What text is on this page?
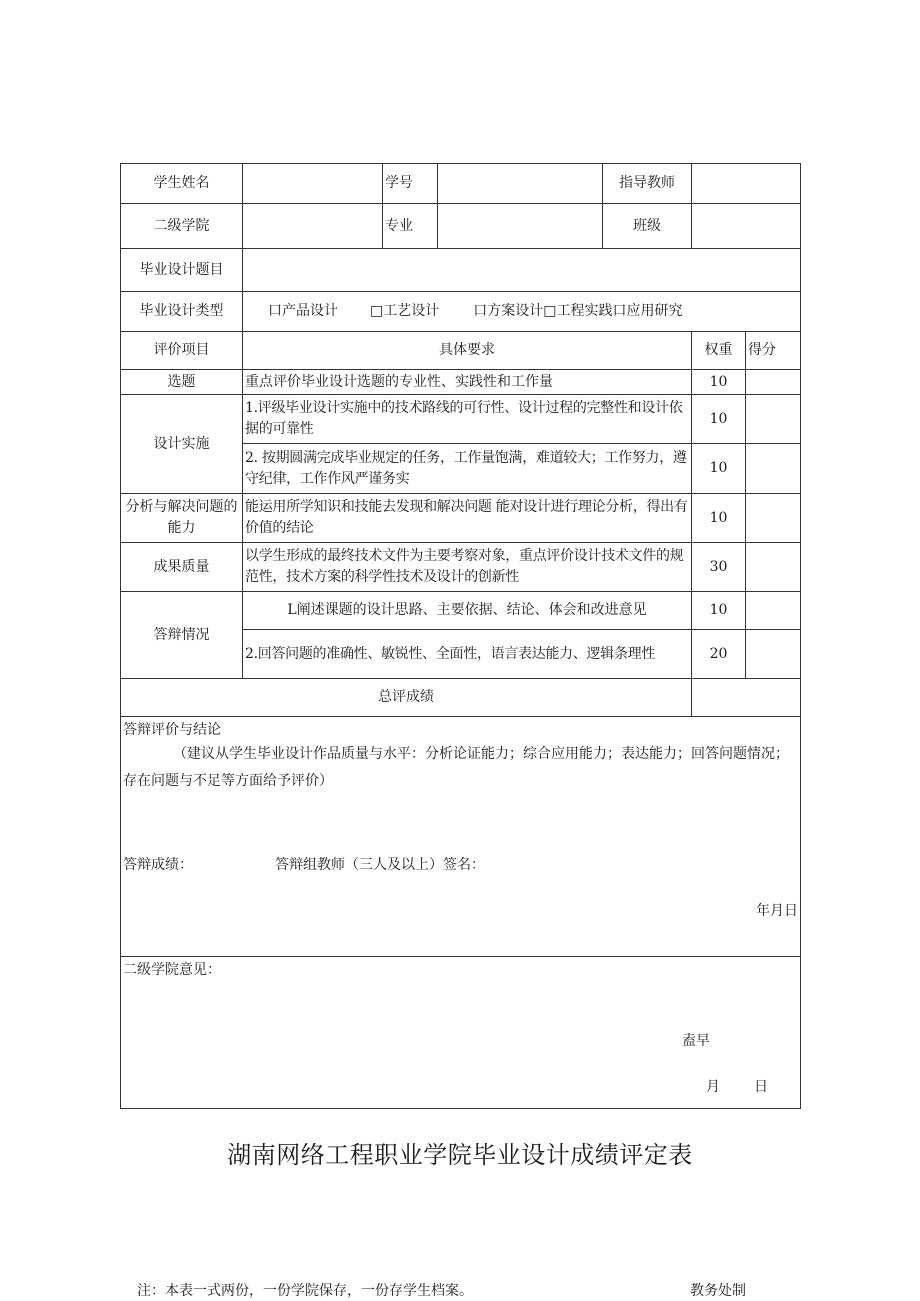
学生姓名		学号		指导教师		
二级学院		专业		班级		
毕业设计题目						
毕业设计类型	口产品设计 □工艺设计 口方案设计□工程实践口应用研究					
评价项目	具体要求				权重	得分
选题	重点评价毕业设计选题的专业性、实践性和工作量				10	
设计实施	1.评级毕业设计实施中的技术路线的可行性、设计过程的完整性和设计依据的可靠性				10	
	2. 按期圆满完成毕业规定的任务，工作量饱满，难道较大；工作努力，遵守纪律，工作作风严谨务实				10	
分析与解决问题的能力	能运用所学知识和技能去发现和解决问题 能对设计进行理论分析，得出有价值的结论				10	
成果质量	以学生形成的最终技术文件为主要考察对象，重点评价设计技术文件的规范性，技术方案的科学性技术及设计的创新性				30	
答辩情况	L阐述课题的设计思路、主要依据、结论、体会和改进意见				10	
	2.回答问题的准确性、敏锐性、全面性，语言表达能力、逻辑条理性				20	
总评成绩						

答辩评价与结论
（建议从学生毕业设计作品质量与水平：分析论证能力；综合应用能力；表达能力；回答问题情况；存在问题与不足等方面给予评价）
答辩成绩： 答辩组教师（三人及以上）签名：
年月日						

二级学院意见：
盍早
月 日						
湖南网络工程职业学院毕业设计成绩评定表
注：本表一式两份，一份学院保存，一份存学生档案。	教务处制
